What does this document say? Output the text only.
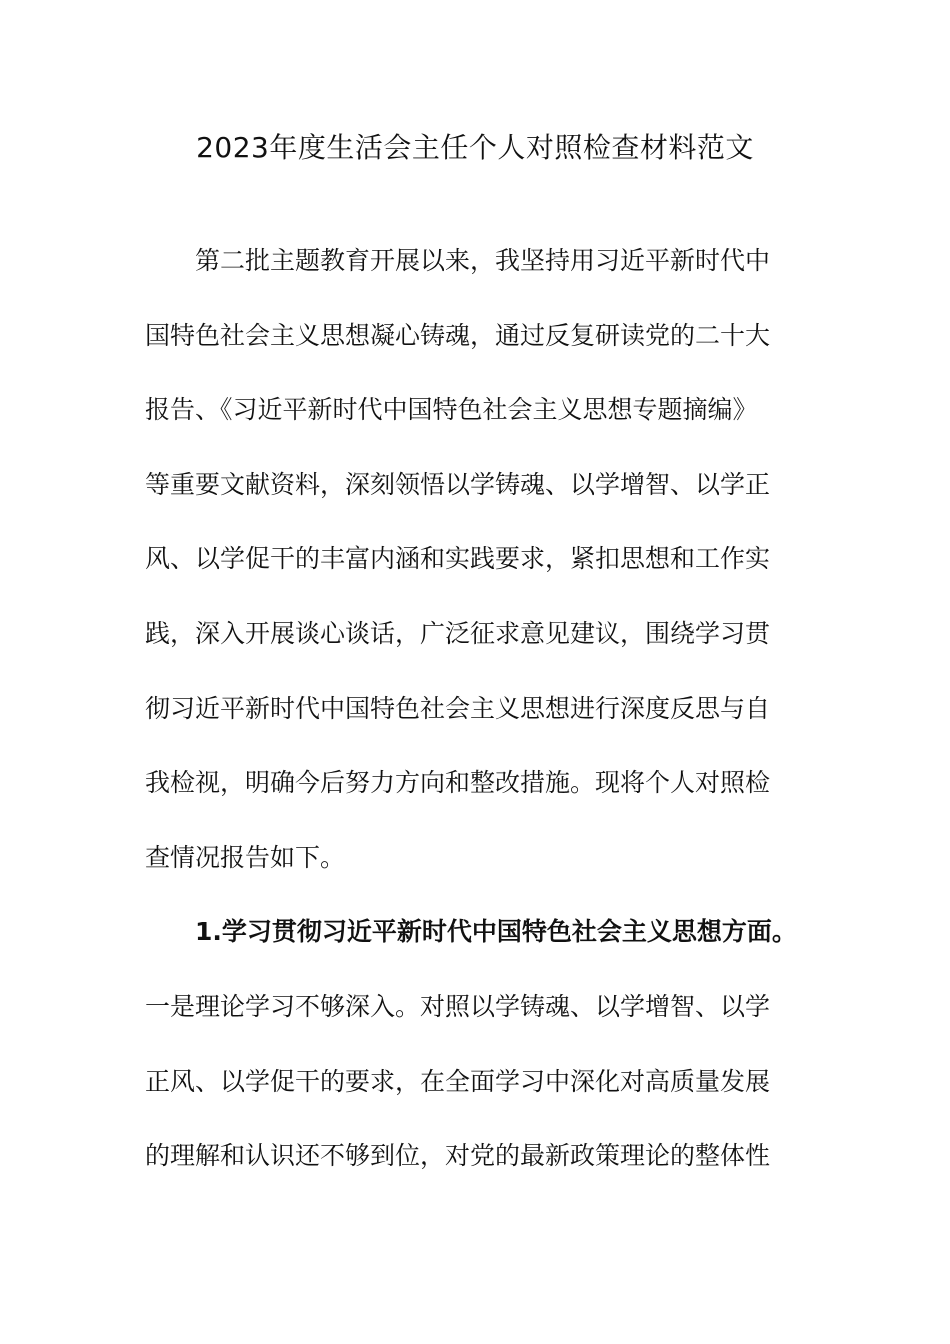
2023年度生活会主任个人对照检查材料范文
第二批主题教育开展以来，我坚持用习近平新时代中
国特色社会主义思想凝心铸魂，通过反复研读党的二十大
报告、《习近平新时代中国特色社会主义思想专题摘编》
等重要文献资料，深刻领悟以学铸魂、以学增智、以学正
风、以学促干的丰富内涵和实践要求，紧扣思想和工作实
践，深入开展谈心谈话，广泛征求意见建议，围绕学习贯
彻习近平新时代中国特色社会主义思想进行深度反思与自
我检视，明确今后努力方向和整改措施。现将个人对照检
查情况报告如下。
1.学习贯彻习近平新时代中国特色社会主义思想方面。
一是理论学习不够深入。对照以学铸魂、以学增智、以学
正风、以学促干的要求，在全面学习中深化对高质量发展
的理解和认识还不够到位，对党的最新政策理论的整体性
